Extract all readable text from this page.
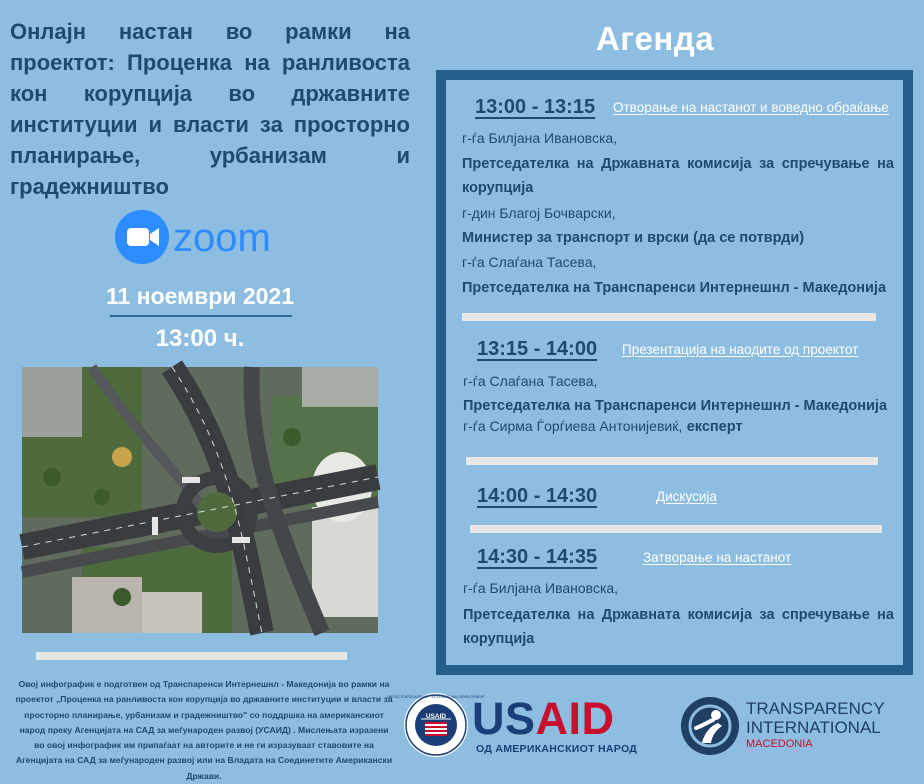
Онлајн настан во рамки на проектот: Проценка на ранливоста кон корупција во државните институции и власти за просторно планирање, урбанизам и градежништво
zoom
11 ноември 2021
13:00 ч.
Овој инфографик е подготвен од Транспаренси Интернешнл - Македонија во рамки на проектот „Проценка на ранливоста кон корупција во државните институции и власти за просторно планирање, урбанизам и градежништво" со поддршка на американскиот народ преку Агенцијата на САД за меѓународен развој (УСАИД) . Мислењата изразени во овој инфографик им припаѓаат на авторите и не ги изразуваат ставовите на Агенцијата на САД за меѓународен развој или на Владата на Соединетите Американски Држави.
Агенда
13:00 - 13:15 Отворање на настанот и воведно обраќање
г-ѓа Билјана Ивановска,
Претседателка на Државната комисија за спречување на корупција
г-дин Благој Бочварски,
Министер за транспорт и врски (да се потврди)
г-ѓа Слаѓана Тасева,
Претседателка на Транспаренси Интернешнл - Македонија
13:15 - 14:00 Презентација на наодите од проектот
г-ѓа Слаѓана Тасева,
Претседателка на Транспаренси Интернешнл - Македонија
г-ѓа Сирма Ѓорѓиева Антонијевиќ, експерт
14:00 - 14:30	Дискусија
14:30 - 14:35	Затворање на настанот
г-ѓа Билјана Ивановска,
Претседателка на Државната комисија за спречување на корупција
USAID
UNITED STATES AGENCY · INTERNATIONAL DEVELOPMENT
USAID
ОД АМЕРИКАНСКИОТ НАРОД
TRANSPARENCY
INTERNATIONAL
MACEDONIA
